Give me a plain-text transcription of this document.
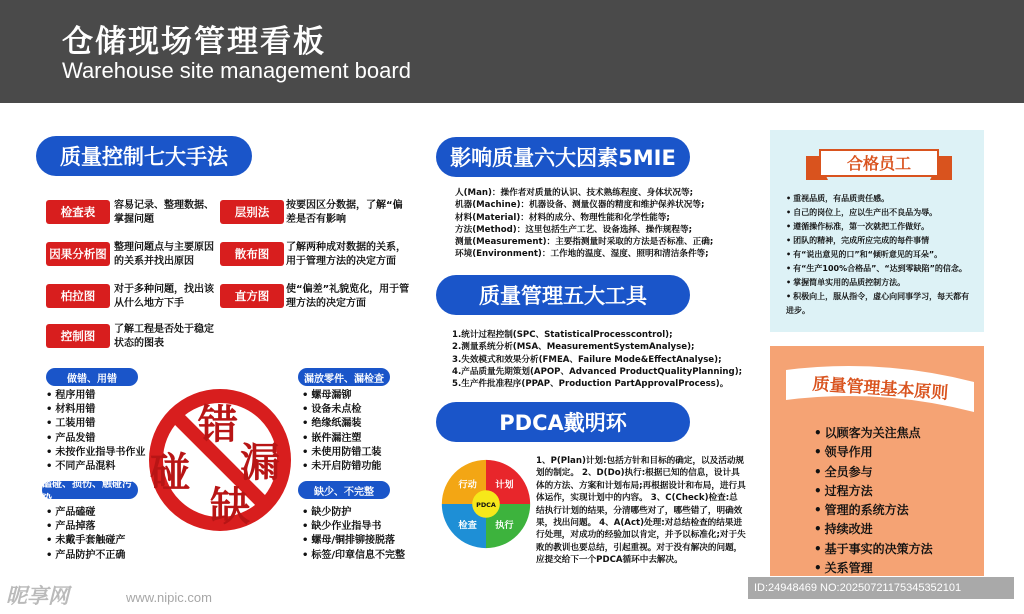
仓储现场管理看板
Warehouse site management board
质量控制七大手法
检查表	容易记录、整理数据、掌握问题
层别法	按要因区分数据，了解“偏差是否有影响
因果分析图 整理问题点与主要原因的关系并找出原因
散布图	了解两种成对数据的关系，用于管理方法的决定方面
柏拉图	对于多种问题，找出该从什么地方下手
直方图	使“偏差”礼貌览化，用于管理方法的决定方面
控制图	了解工程是否处于稳定状态的图表
做错、用错
• 程序用错
• 材料用错
• 工装用错
• 产品发错
• 未按作业指导书作业
• 不同产品混料
磕碰、损伤、触碰污染
• 产品磕碰
• 产品掉落
• 未戴手套触碰产
• 产品防护不正确
漏放零件、漏检查
• 螺母漏铆
• 设备未点检
• 绝缘纸漏装
• 嵌件漏注塑
• 未使用防错工装
• 未开启防错功能
缺少、不完整
• 缺少防护
• 缺少作业指导书
• 螺母/铜排铆接脱落
• 标签/印章信息不完整
错
漏
碰
缺
影响质量六大因素5MIE
人(Man)：操作者对质量的认识、技术熟练程度、身体状况等;
机器(Machine)：机器设备、测量仪器的精度和维护保养状况等;
材料(Material)：材料的成分、物理性能和化学性能等;
方法(Method)：这里包括生产工艺、设备选择、操作规程等;
测量(Measurement)：主要指测量时采取的方法是否标准、正确;
环境(Environment)：工作地的温度、湿度、照明和清洁条件等;
质量管理五大工具
1.统计过程控制(SPC、StatisticalProcesscontrol);
2.测量系统分析(MSA、MeasurementSystemAnalyse);
3.失效模式和效果分析(FMEA、Failure Mode&EffectAnalyse);
4.产品质量先期策划(APOP、Advanced ProductQualityPlanning);
5.生产件批准程序(PPAP、Production PartApprovalProcess)。
PDCA戴明环
PDCA
计划
执行
检查
行动
1、P(Plan)计划:包括方针和目标的确定，以及活动规划的制定。 2、D(Do)执行:根据已知的信息，设计具体的方法、方案和计划布局;再根据设计和布局，进行具体运作，实现计划中的内容。 3、C(Check)检查:总结执行计划的结果，分清哪些对了，哪些错了，明确效果，找出问题。 4、A(Act)处理:对总结检查的结果进行处理，对成功的经验加以肯定，并予以标准化;对于失败的教训也要总结，引起重视。对于没有解决的问题，应提交给下一个PDCA循环中去解决。
合格员工
• 重视品质，有品质责任感。
• 自己的岗位上，应以生产出不良品为辱。
• 遵循操作标准，第一次就把工作做好。
• 团队的精神，完成所应完成的每件事情
• 有“说出意见的口”和“倾听意见的耳朵”。
• 有“生产100%合格品”、“达到零缺陷”的信念。
• 掌握简单实用的品质控制方法。
• 积极向上，服从指令，虚心向同事学习，每天都有进步。
质量管理基本原则
• 以顾客为关注焦点
• 领导作用
• 全员参与
• 过程方法
• 管理的系统方法
• 持续改进
• 基于事实的决策方法
• 关系管理
昵享网	www.nipic.com
ID:24948469 NO:20250721175345352101
